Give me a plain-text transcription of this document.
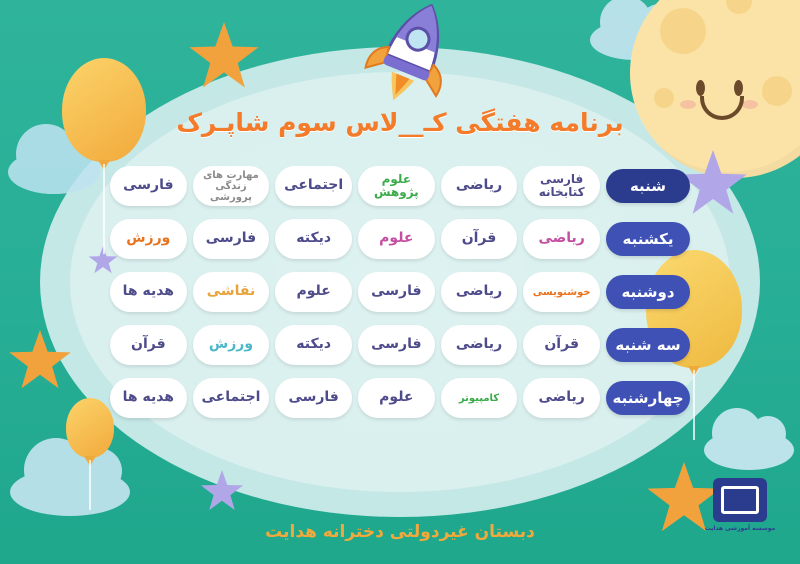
برنامه هفتگی کـ__لاس سوم شاپـرک
شنبه
فارسی کتابخانه
ریاضی
علوم پژوهش
اجتماعی
مهارت های زندگی پرورشی
فارسی
یکشنبه
ریاضی
قرآن
علوم
دیکته
فارسی
ورزش
دوشنبه
خوشنویسی
ریاضی
فارسی
علوم
نقاشی
هدیه ها
سه شنبه
قرآن
ریاضی
فارسی
دیکته
ورزش
قرآن
چهارشنبه
ریاضی
کامپیوتر
علوم
فارسی
اجتماعی
هدیه ها
دبستان غیردولتی دخترانه هدایت	موسسه آموزشی هدایت
